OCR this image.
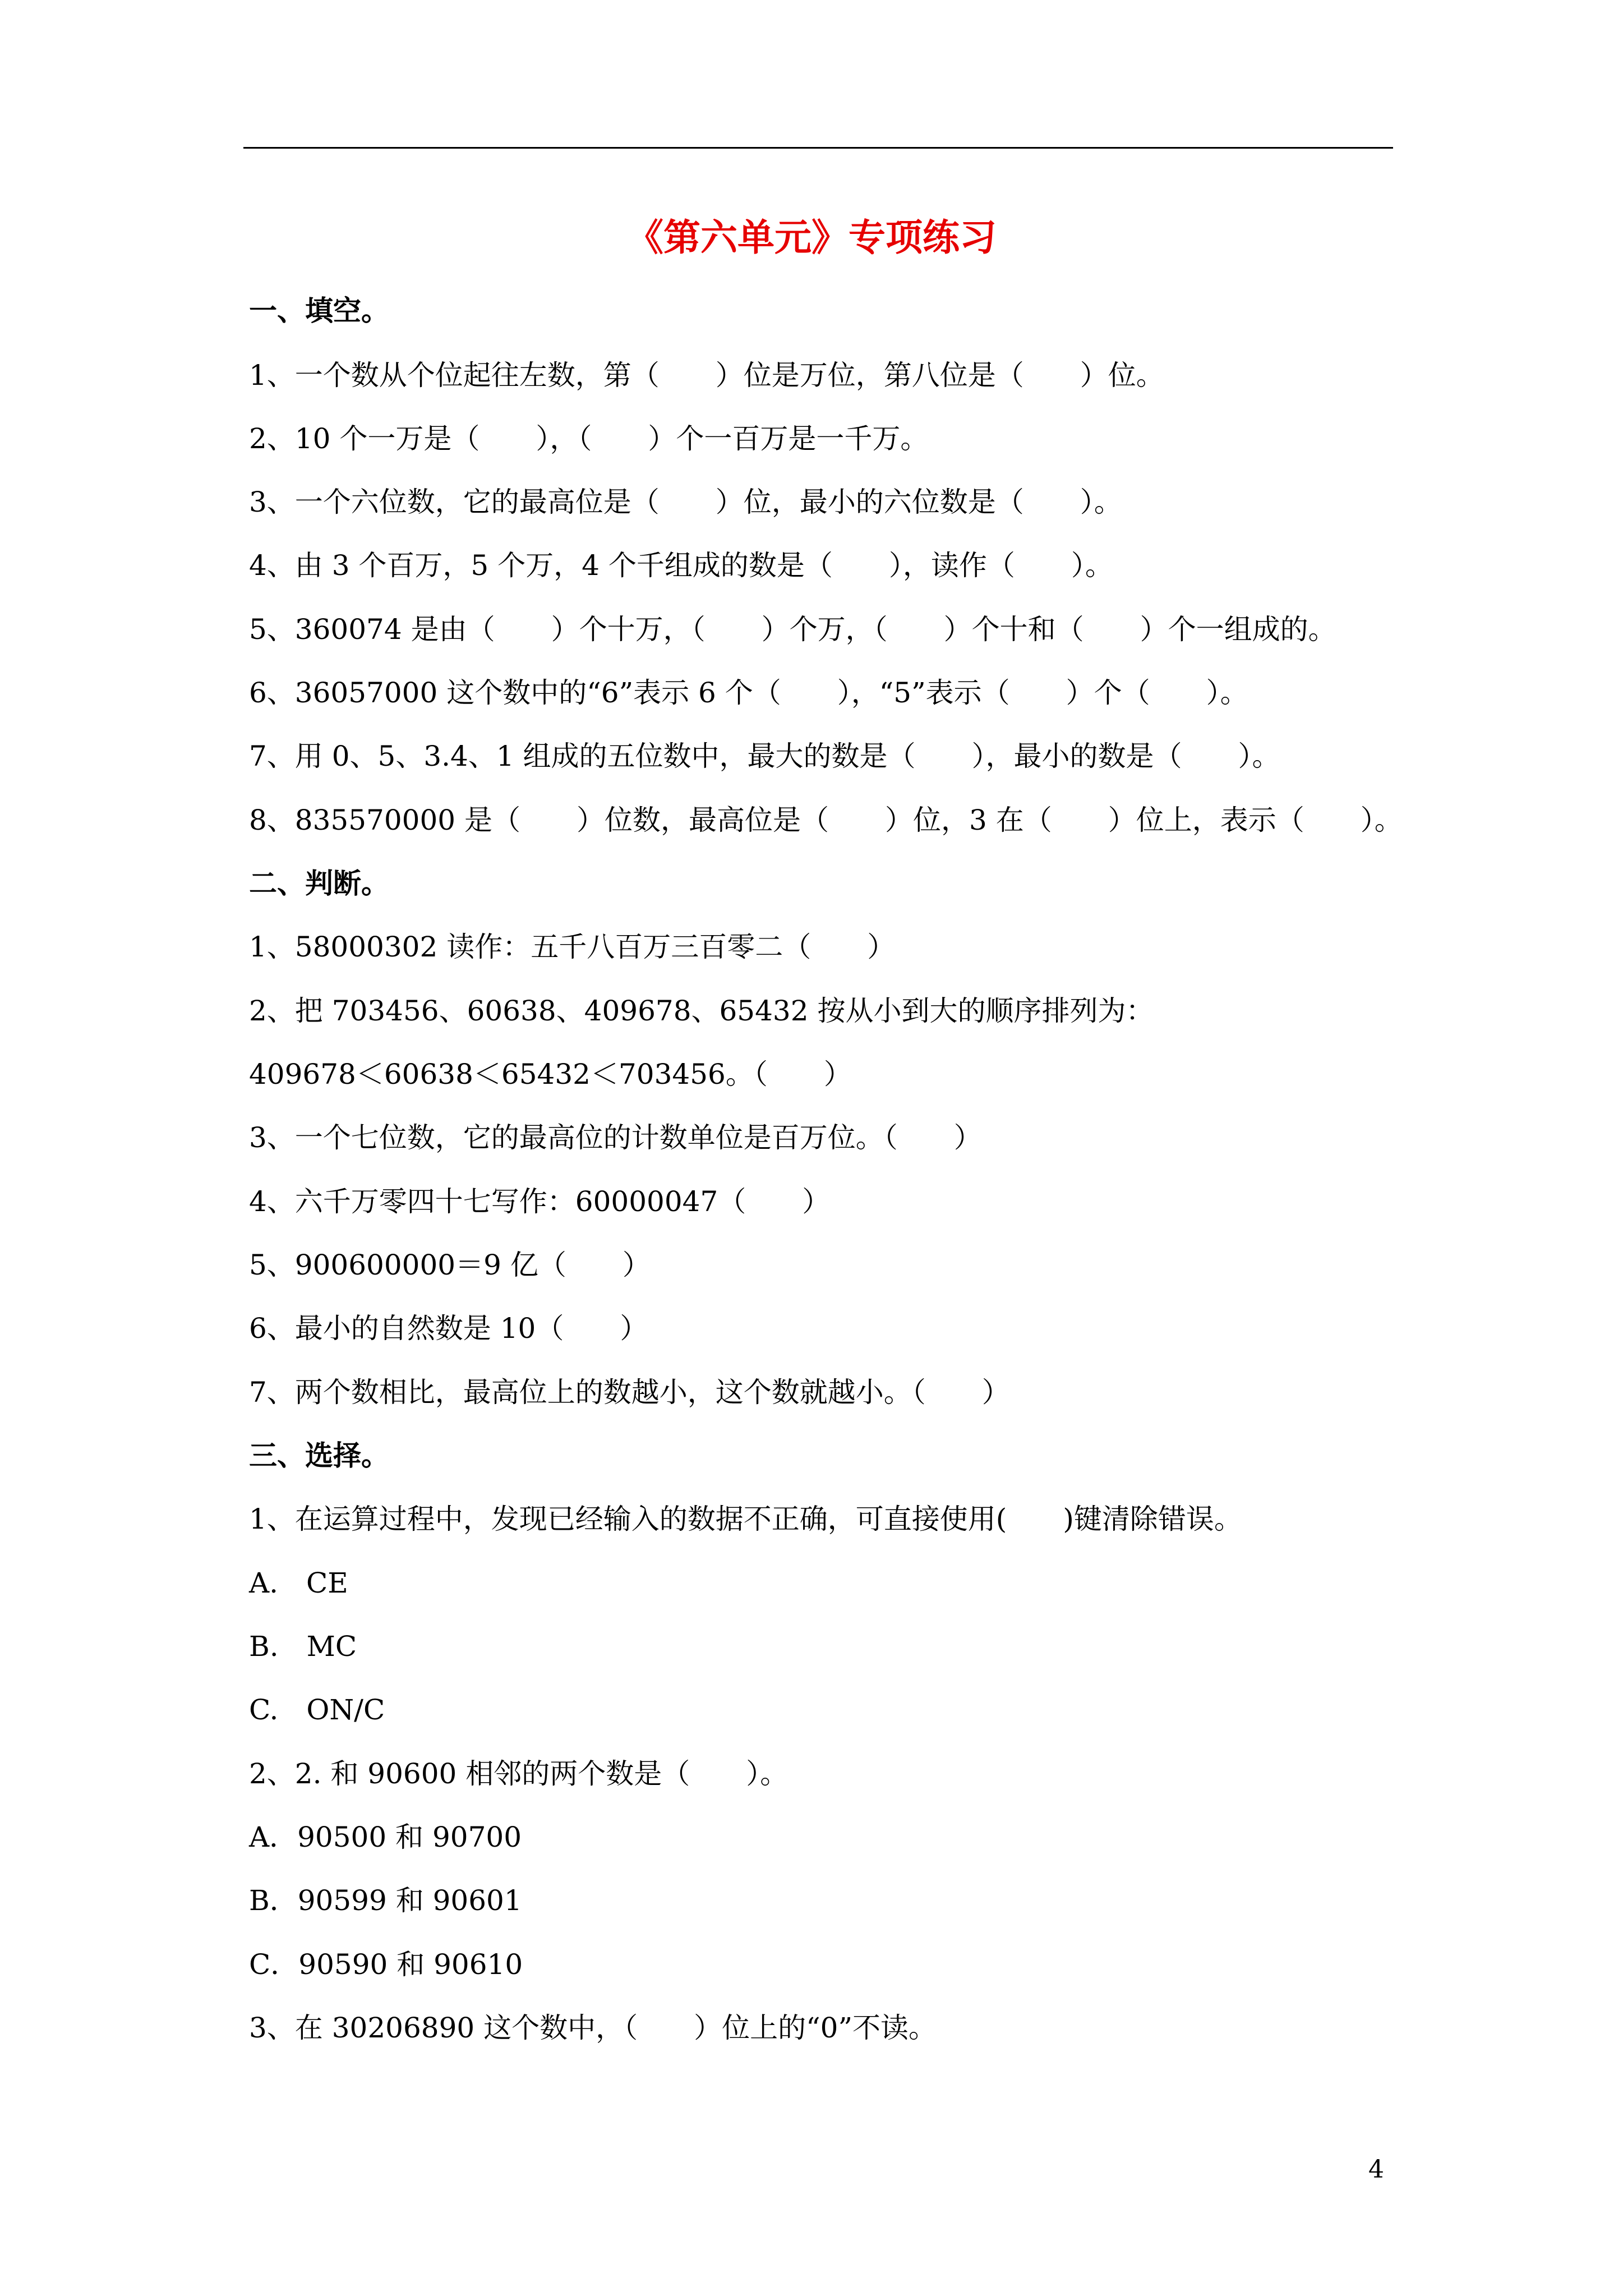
《第六单元》专项练习
一、填空。
1、一个数从个位起往左数，第（　　）位是万位，第八位是（　　）位。
2、10 个一万是（　　），（　　）个一百万是一千万。
3、一个六位数，它的最高位是（　　）位，最小的六位数是（　　）。
4、由 3 个百万，5 个万，4 个千组成的数是（　　），读作（　　）。
5、360074 是由（　　）个十万，（　　）个万，（　　）个十和（　　）个一组成的。
6、36057000 这个数中的“6”表示 6 个（　　），“5”表示（　　）个（　　）。
7、用 0、5、3.4、1 组成的五位数中，最大的数是（　　），最小的数是（　　）。
8、835570000 是（　　）位数，最高位是（　　）位，3 在（　　）位上，表示（　　）。
二、判断。
1、58000302 读作：五千八百万三百零二（　　）
2、把 703456、60638、409678、65432 按从小到大的顺序排列为：
409678＜60638＜65432＜703456。（　　）
3、一个七位数，它的最高位的计数单位是百万位。（　　）
4、六千万零四十七写作：60000047（　　）
5、900600000＝9 亿（　　）
6、最小的自然数是 10（　　）
7、两个数相比，最高位上的数越小，这个数就越小。（　　）
三、选择。
1、在运算过程中，发现已经输入的数据不正确，可直接使用(　　)键清除错误。
A.　CE
B.　MC
C.　ON/C
2、2. 和 90600 相邻的两个数是（　　）。
A．90500 和 90700
B．90599 和 90601
C．90590 和 90610
3、在 30206890 这个数中，（　　）位上的“0”不读。
4
